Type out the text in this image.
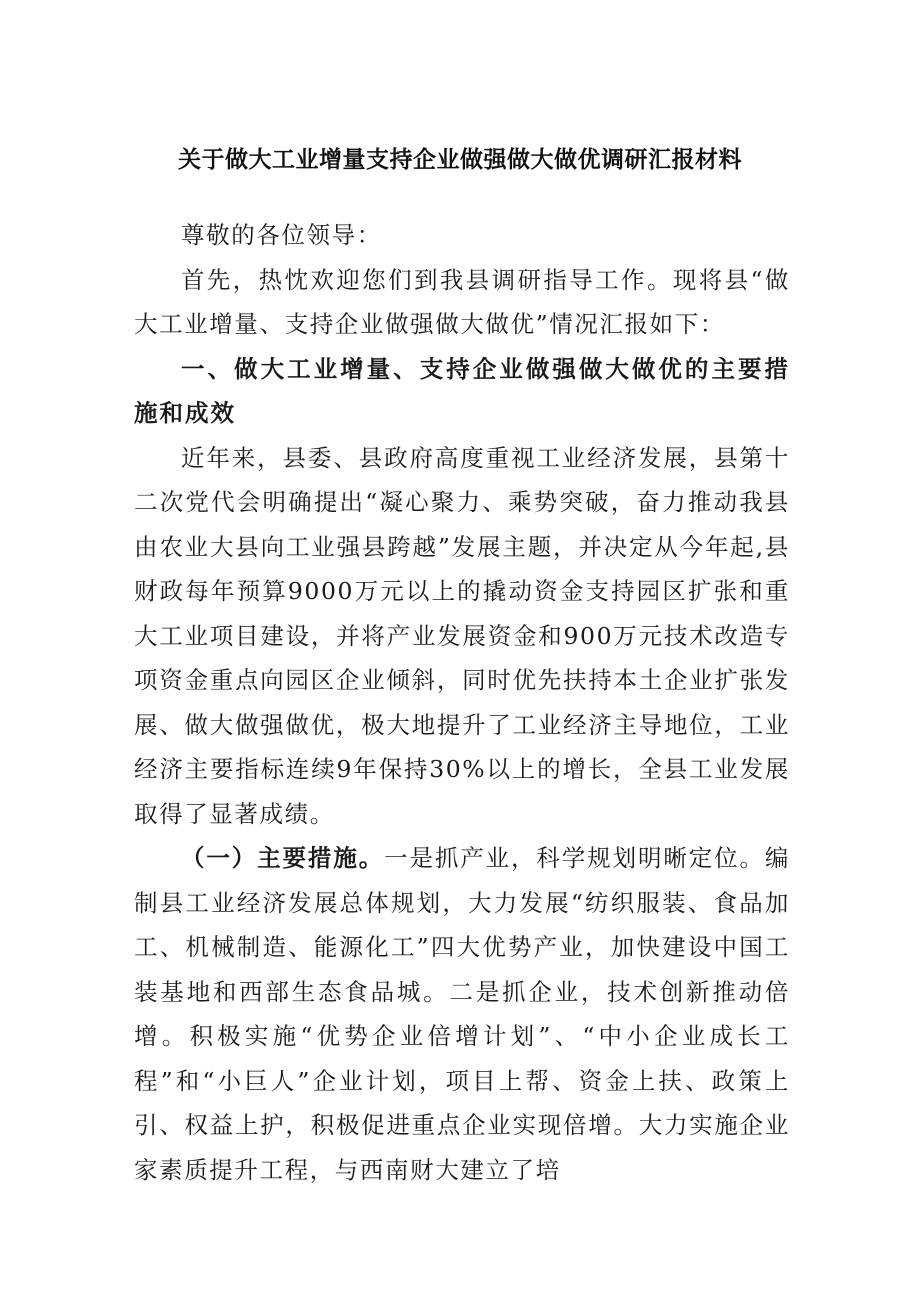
关于做大工业增量支持企业做强做大做优调研汇报材料

尊敬的各位领导：

首先，热忱欢迎您们到我县调研指导工作。现将县“做大工业增量、支持企业做强做大做优”情况汇报如下：

一、做大工业增量、支持企业做强做大做优的主要措施和成效

近年来，县委、县政府高度重视工业经济发展，县第十二次党代会明确提出“凝心聚力、乘势突破，奋力推动我县由农业大县向工业强县跨越”发展主题，并决定从今年起,县财政每年预算9000万元以上的撬动资金支持园区扩张和重大工业项目建设，并将产业发展资金和900万元技术改造专项资金重点向园区企业倾斜，同时优先扶持本土企业扩张发展、做大做强做优，极大地提升了工业经济主导地位，工业经济主要指标连续9年保持30%以上的增长，全县工业发展取得了显著成绩。

（一）主要措施。一是抓产业，科学规划明晰定位。编制县工业经济发展总体规划，大力发展“纺织服装、食品加工、机械制造、能源化工”四大优势产业，加快建设中国工装基地和西部生态食品城。二是抓企业，技术创新推动倍增。积极实施“优势企业倍增计划”、“中小企业成长工程”和“小巨人”企业计划，项目上帮、资金上扶、政策上引、权益上护，积极促进重点企业实现倍增。大力实施企业家素质提升工程，与西南财大建立了培
